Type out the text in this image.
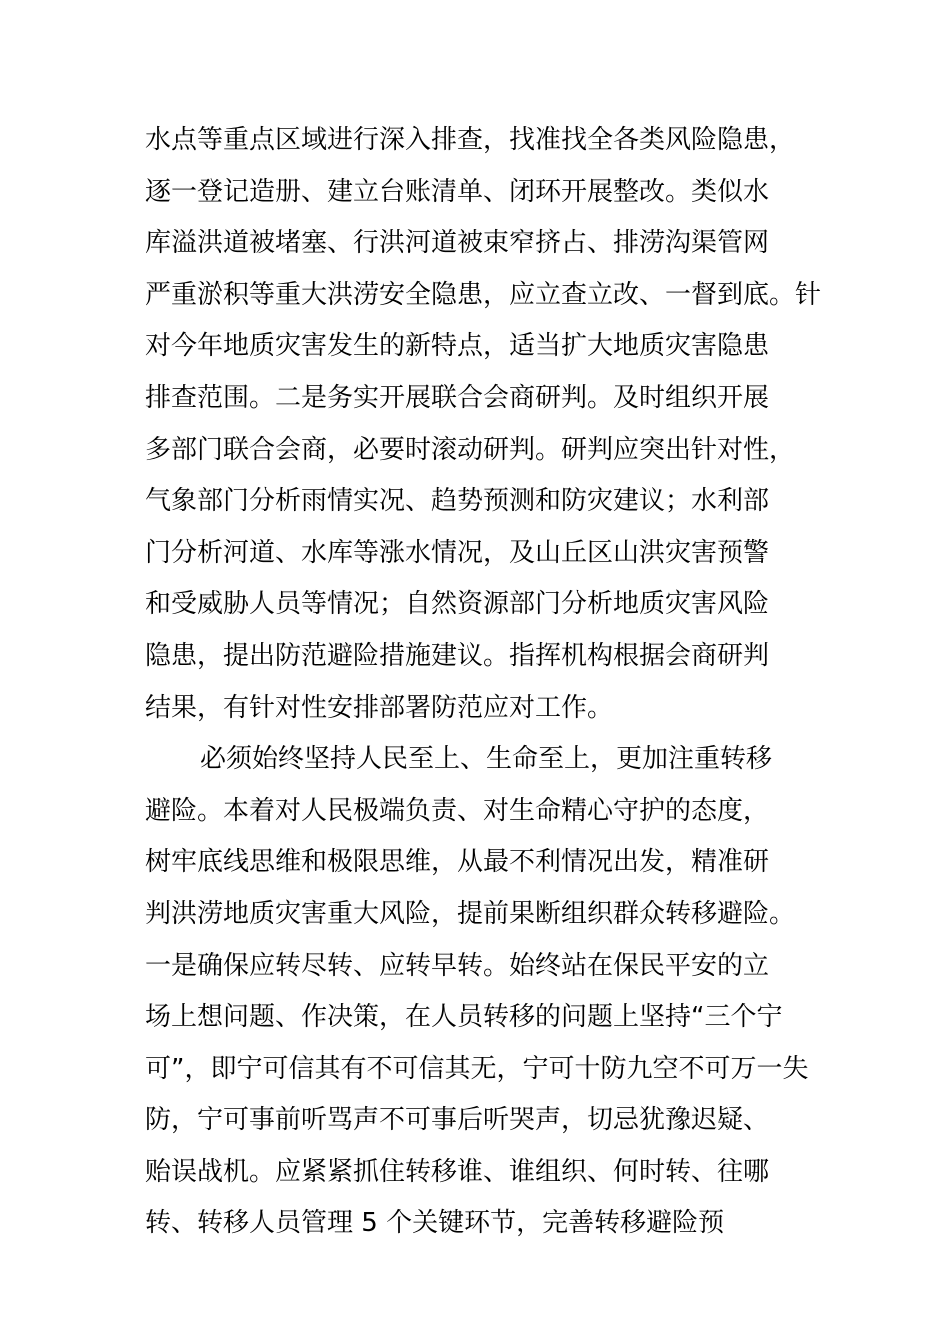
水点等重点区域进行深入排查，找准找全各类风险隐患，
逐一登记造册、建立台账清单、闭环开展整改。类似水
库溢洪道被堵塞、行洪河道被束窄挤占、排涝沟渠管网
严重淤积等重大洪涝安全隐患，应立查立改、一督到底。针
对今年地质灾害发生的新特点，适当扩大地质灾害隐患
排查范围。二是务实开展联合会商研判。及时组织开展
多部门联合会商，必要时滚动研判。研判应突出针对性，
气象部门分析雨情实况、趋势预测和防灾建议；水利部
门分析河道、水库等涨水情况，及山丘区山洪灾害预警
和受威胁人员等情况；自然资源部门分析地质灾害风险
隐患，提出防范避险措施建议。指挥机构根据会商研判
结果，有针对性安排部署防范应对工作。
必须始终坚持人民至上、生命至上，更加注重转移
避险。本着对人民极端负责、对生命精心守护的态度，
树牢底线思维和极限思维，从最不利情况出发，精准研
判洪涝地质灾害重大风险，提前果断组织群众转移避险。
一是确保应转尽转、应转早转。始终站在保民平安的立
场上想问题、作决策，在人员转移的问题上坚持“三个宁
可”，即宁可信其有不可信其无，宁可十防九空不可万一失
防，宁可事前听骂声不可事后听哭声，切忌犹豫迟疑、
贻误战机。应紧紧抓住转移谁、谁组织、何时转、往哪
转、转移人员管理 5 个关键环节，完善转移避险预
